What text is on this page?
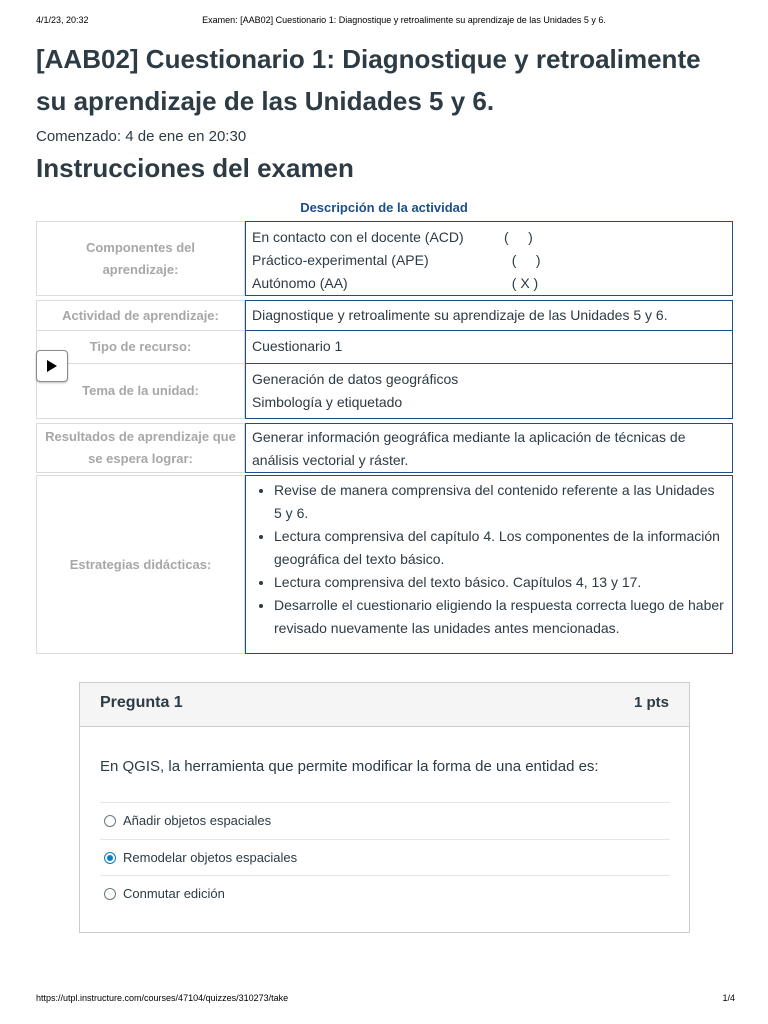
4/1/23, 20:32	Examen: [AAB02] Cuestionario 1: Diagnostique y retroalimente su aprendizaje de las Unidades 5 y 6.
[AAB02] Cuestionario 1: Diagnostique y retroalimente su aprendizaje de las Unidades 5 y 6.
Comenzado: 4 de ene en 20:30
Instrucciones del examen
Descripción de la actividad
Componentes del aprendizaje:
En contacto con el docente (ACD)	(     )
Práctico-experimental (APE)	(     )
Autónomo (AA)	( X )
Actividad de aprendizaje:	Diagnostique y retroalimente su aprendizaje de las Unidades 5 y 6.
Tipo de recurso:	Cuestionario 1
Tema de la unidad:
Generación de datos geográficos
Simbología y etiquetado
Resultados de aprendizaje que se espera lograr:
Generar información geográfica mediante la aplicación de técnicas de análisis vectorial y ráster.
Estrategias didácticas:
• Revise de manera comprensiva del contenido referente a las Unidades 5 y 6.
• Lectura comprensiva del capítulo 4. Los componentes de la información geográfica del texto básico.
• Lectura comprensiva del texto básico. Capítulos 4, 13 y 17.
• Desarrolle el cuestionario eligiendo la respuesta correcta luego de haber revisado nuevamente las unidades antes mencionadas.
Pregunta 1	1 pts
En QGIS, la herramienta que permite modificar la forma de una entidad es:
Añadir objetos espaciales
Remodelar objetos espaciales
Conmutar edición
https://utpl.instructure.com/courses/47104/quizzes/310273/take	1/4
